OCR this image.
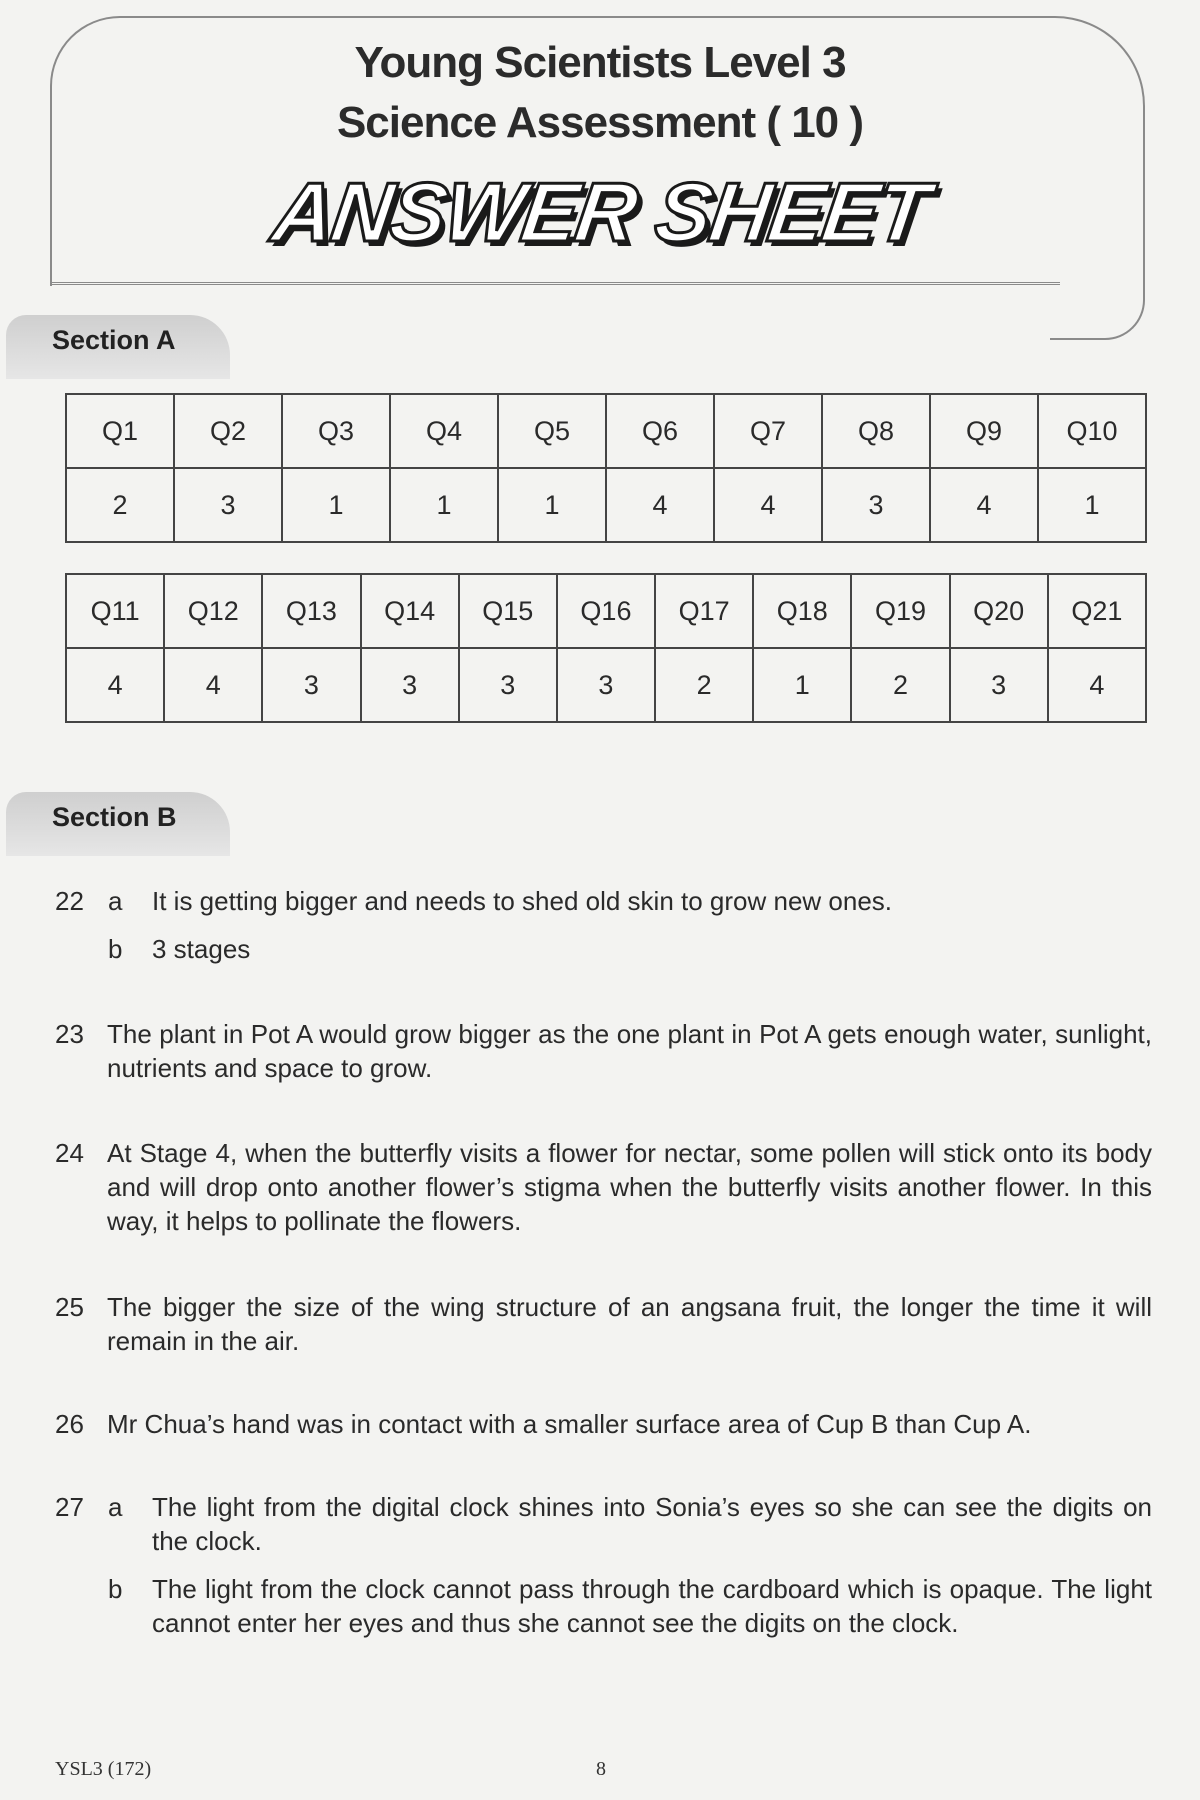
Young Scientists Level 3
Science Assessment ( 10 )
ANSWER SHEET
Section A
Q1	Q2	Q3	Q4	Q5	Q6	Q7	Q8	Q9	Q10
2	3	1	1	1	4	4	3	4	1
Q11	Q12	Q13	Q14	Q15	Q16	Q17	Q18	Q19	Q20	Q21
4	4	3	3	3	3	2	1	2	3	4
Section B
22 a	It is getting bigger and needs to shed old skin to grow new ones.
b	3 stages
23 The plant in Pot A would grow bigger as the one plant in Pot A gets enough water, sunlight, nutrients and space to grow.
24 At Stage 4, when the butterfly visits a flower for nectar, some pollen will stick onto its body and will drop onto another flower’s stigma when the butterfly visits another flower. In this way, it helps to pollinate the flowers.
25 The bigger the size of the wing structure of an angsana fruit, the longer the time it will remain in the air.
26 Mr Chua’s hand was in contact with a smaller surface area of Cup B than Cup A.
27 a	The light from the digital clock shines into Sonia’s eyes so she can see the digits on the clock.
b	The light from the clock cannot pass through the cardboard which is opaque. The light cannot enter her eyes and thus she cannot see the digits on the clock.
YSL3 (172)	8
